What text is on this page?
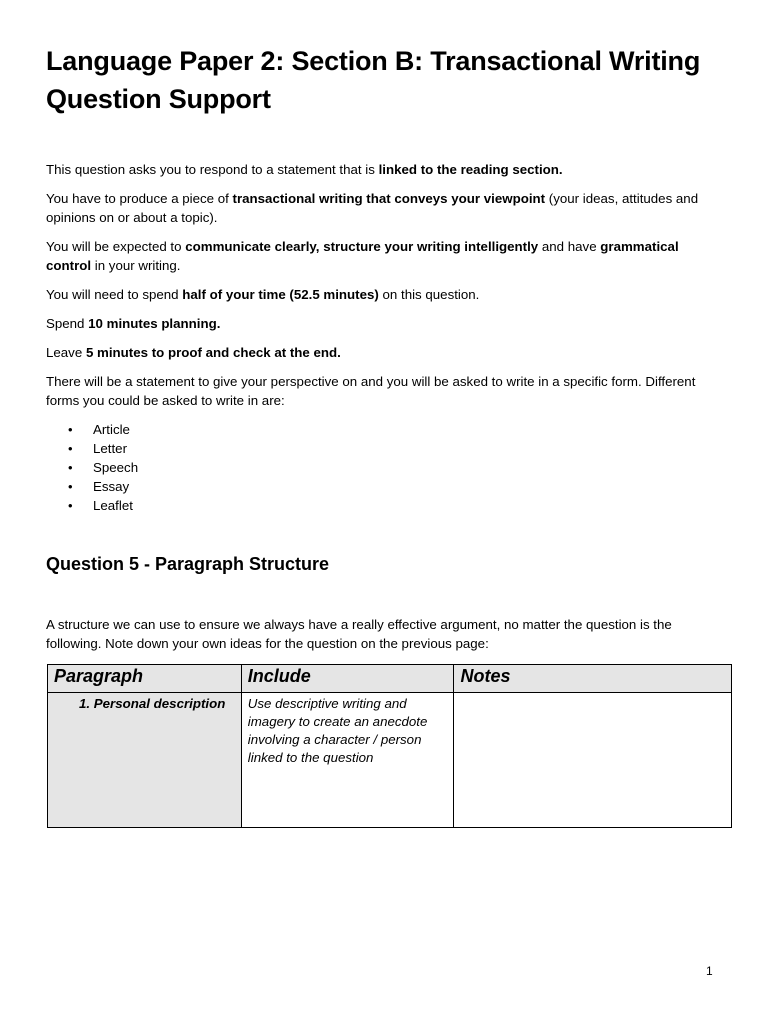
Language Paper 2: Section B: Transactional Writing Question Support

This question asks you to respond to a statement that is linked to the reading section.

You have to produce a piece of transactional writing that conveys your viewpoint (your ideas, attitudes and opinions on or about a topic).

You will be expected to communicate clearly, structure your writing intelligently and have grammatical control in your writing.

You will need to spend half of your time (52.5 minutes) on this question.

Spend 10 minutes planning.

Leave 5 minutes to proof and check at the end.

There will be a statement to give your perspective on and you will be asked to write in a specific form. Different forms you could be asked to write in are:

• Article
• Letter
• Speech
• Essay
• Leaflet
Question 5 - Paragraph Structure

A structure we can use to ensure we always have a really effective argument, no matter the question is the following. Note down your own ideas for the question on the previous page:

Paragraph	Include	Notes
1. Personal description	Use descriptive writing and imagery to create an anecdote involving a character / person linked to the question	
1
